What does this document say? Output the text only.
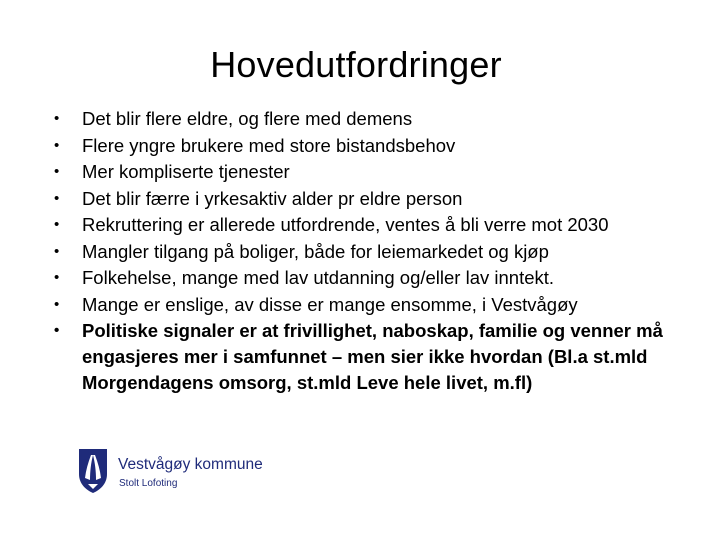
Hovedutfordringer
• Det blir flere eldre, og flere med demens
• Flere yngre brukere med store bistandsbehov
• Mer kompliserte tjenester
• Det blir færre i yrkesaktiv alder pr eldre person
• Rekruttering er allerede utfordrende, ventes å bli verre mot 2030
• Mangler tilgang på boliger, både for leiemarkedet og kjøp
• Folkehelse, mange med lav utdanning og/eller lav inntekt.
• Mange er enslige, av disse er mange ensomme, i Vestvågøy
• Politiske signaler er at frivillighet, naboskap, familie og venner må engasjeres mer i samfunnet – men sier ikke hvordan (Bl.a st.mld Morgendagens omsorg, st.mld Leve hele livet, m.fl)
Vestvågøy kommune
Stolt Lofoting
